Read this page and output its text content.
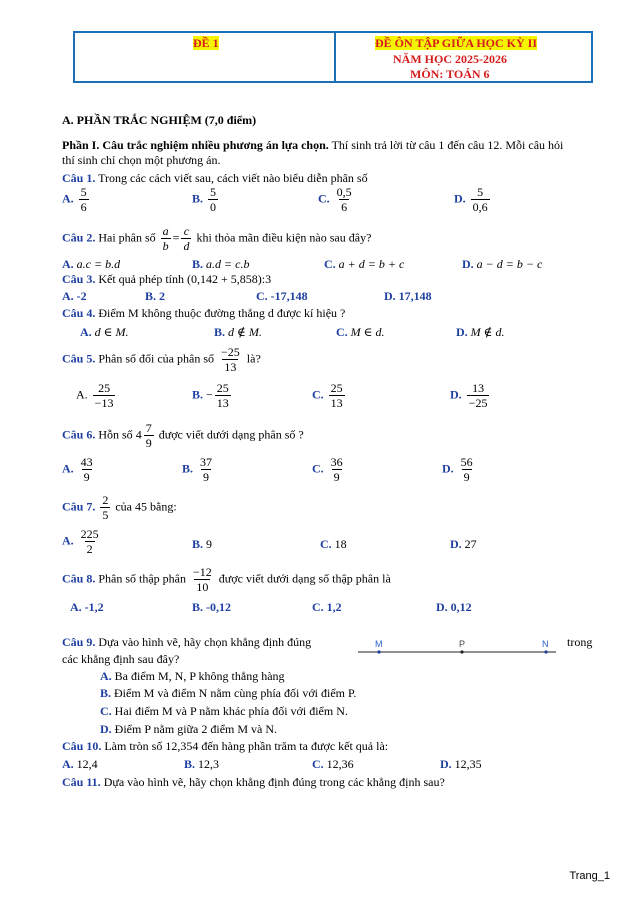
ĐỀ 1	ĐỀ ÔN TẬP GIỮA HỌC KỲ II
NĂM HỌC 2025-2026
MÔN: TOÁN 6
A. PHẦN TRẮC NGHIỆM (7,0 điểm)
Phần I. Câu trắc nghiệm nhiều phương án lựa chọn. Thí sinh trả lời từ câu 1 đến câu 12. Mỗi câu hỏi
thí sinh chỉ chọn một phương án.
Câu 1. Trong các cách viết sau, cách viết nào biểu diễn phân số
A. $\frac{5}{6}$	B. $\frac{5}{0}$	C. $\frac{0,5}{6}$	D. $\frac{5}{0,6}$
Câu 2. Hai phân số $\frac{a}{b} = \frac{c}{d}$ khi thỏa mãn điều kiện nào sau đây?
A. a.c = b.d	B. a.d = c.b	C. a + d = b + c	D. a − d = b − c
Câu 3. Kết quả phép tính (0,142 + 5,858):3
A. -2	B. 2	C. -17,148	D. 17,148
Câu 4. Điểm M không thuộc đường thẳng d được kí hiệu ?
A. d ∈ M.	B. d ∉ M.	C. M ∈ d.	D. M ∉ d.
Câu 5. Phân số đối của phân số $\frac{-25}{13}$ là?
A. $\frac{25}{-13}$	B. − $\frac{25}{13}$	C. $\frac{25}{13}$	D. $\frac{13}{-25}$
Câu 6. Hỗn số $4 \frac{7}{9}$ được viết dưới dạng phân số ?
A. $\frac{43}{9}$	B. $\frac{37}{9}$	C. $\frac{36}{9}$	D. $\frac{56}{9}$
Câu 7. $\frac{2}{5}$ của 45 bằng:
A. $\frac{225}{2}$	B. 9	C. 18	D. 27
Câu 8. Phân số thập phân $\frac{-12}{10}$ được viết dưới dạng số thập phân là
A. -1,2	B. -0,12	C. 1,2	D. 0,12
Câu 9. Dựa vào hình vẽ, hãy chọn khẳng định đúng	trong
các khẳng định sau đây?
M	P	N
A. Ba điểm M, N, P không thẳng hàng
B. Điểm M và điểm N nằm cùng phía đối với điểm P.
C. Hai điểm M và P nằm khác phía đối với điểm N.
D. Điểm P nằm giữa 2 điểm M và N.
Câu 10. Làm tròn số 12,354 đến hàng phần trăm ta được kết quả là:
A. 12,4	B. 12,3	C. 12,36	D. 12,35
Câu 11. Dựa vào hình vẽ, hãy chọn khẳng định đúng trong các khẳng định sau?
Trang_1
